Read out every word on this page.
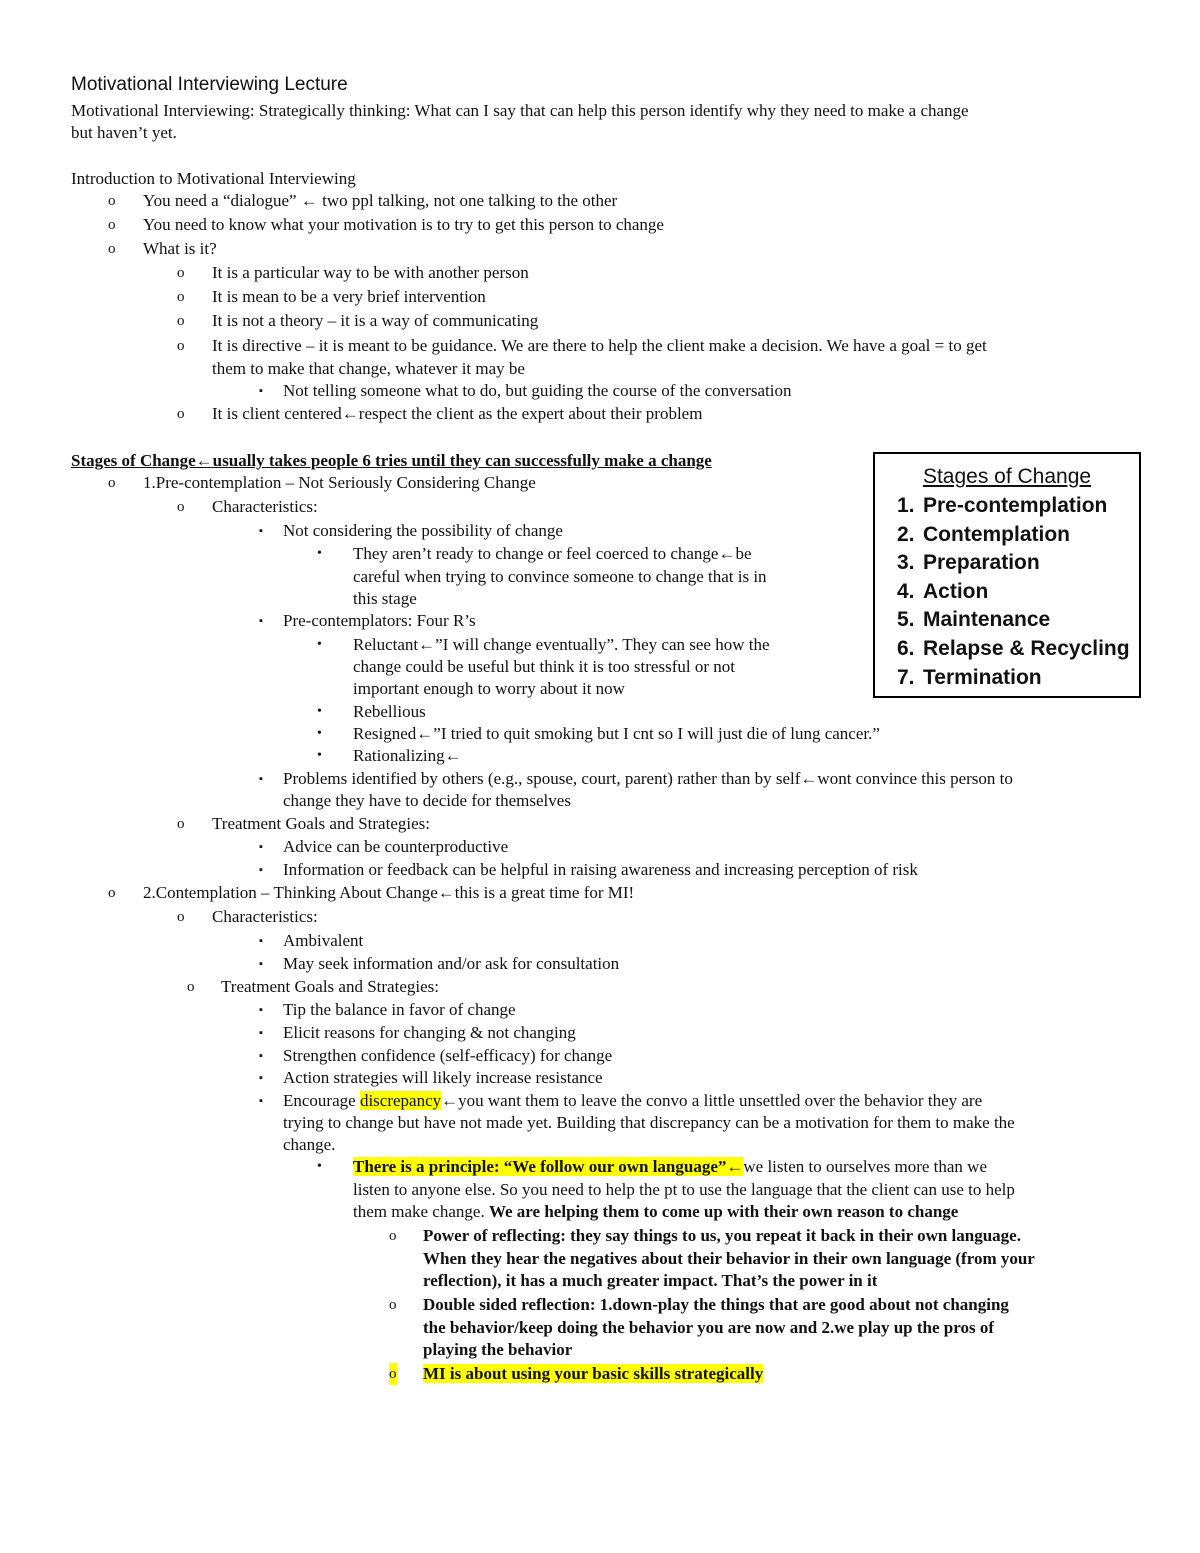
Motivational Interviewing Lecture
Motivational Interviewing: Strategically thinking: What can I say that can help this person identify why they need to make a change
but haven’t yet.
Introduction to Motivational Interviewing
o You need a “dialogue” ← two ppl talking, not one talking to the other
o You need to know what your motivation is to try to get this person to change
o What is it?
o It is a particular way to be with another person
o It is mean to be a very brief intervention
o It is not a theory – it is a way of communicating
o It is directive – it is meant to be guidance. We are there to help the client make a decision. We have a goal = to get
them to make that change, whatever it may be
▪ Not telling someone what to do, but guiding the course of the conversation
o It is client centered←respect the client as the expert about their problem
Stages of Change←usually takes people 6 tries until they can successfully make a change
o 1.Pre-contemplation – Not Seriously Considering Change
o Characteristics:
▪ Not considering the possibility of change
• They aren’t ready to change or feel coerced to change←be
careful when trying to convince someone to change that is in
this stage
▪ Pre-contemplators: Four R’s
• Reluctant←”I will change eventually”. They can see how the
change could be useful but think it is too stressful or not
important enough to worry about it now
• Rebellious
• Resigned←”I tried to quit smoking but I cnt so I will just die of lung cancer.”
• Rationalizing←
▪ Problems identified by others (e.g., spouse, court, parent) rather than by self←wont convince this person to
change they have to decide for themselves
o Treatment Goals and Strategies:
▪ Advice can be counterproductive
▪ Information or feedback can be helpful in raising awareness and increasing perception of risk
o 2.Contemplation – Thinking About Change←this is a great time for MI!
o Characteristics:
▪ Ambivalent
▪ May seek information and/or ask for consultation
o Treatment Goals and Strategies:
▪ Tip the balance in favor of change
▪ Elicit reasons for changing & not changing
▪ Strengthen confidence (self-efficacy) for change
▪ Action strategies will likely increase resistance
▪ Encourage discrepancy←you want them to leave the convo a little unsettled over the behavior they are
trying to change but have not made yet. Building that discrepancy can be a motivation for them to make the
change.
• There is a principle: “We follow our own language”←we listen to ourselves more than we
listen to anyone else. So you need to help the pt to use the language that the client can use to help
them make change. We are helping them to come up with their own reason to change
o Power of reflecting: they say things to us, you repeat it back in their own language.
When they hear the negatives about their behavior in their own language (from your
reflection), it has a much greater impact. That’s the power in it
o Double sided reflection: 1.down-play the things that are good about not changing
the behavior/keep doing the behavior you are now and 2.we play up the pros of
playing the behavior
o MI is about using your basic skills strategically
Stages of Change
1. Pre-contemplation
2. Contemplation
3. Preparation
4. Action
5. Maintenance
6. Relapse & Recycling
7. Termination
